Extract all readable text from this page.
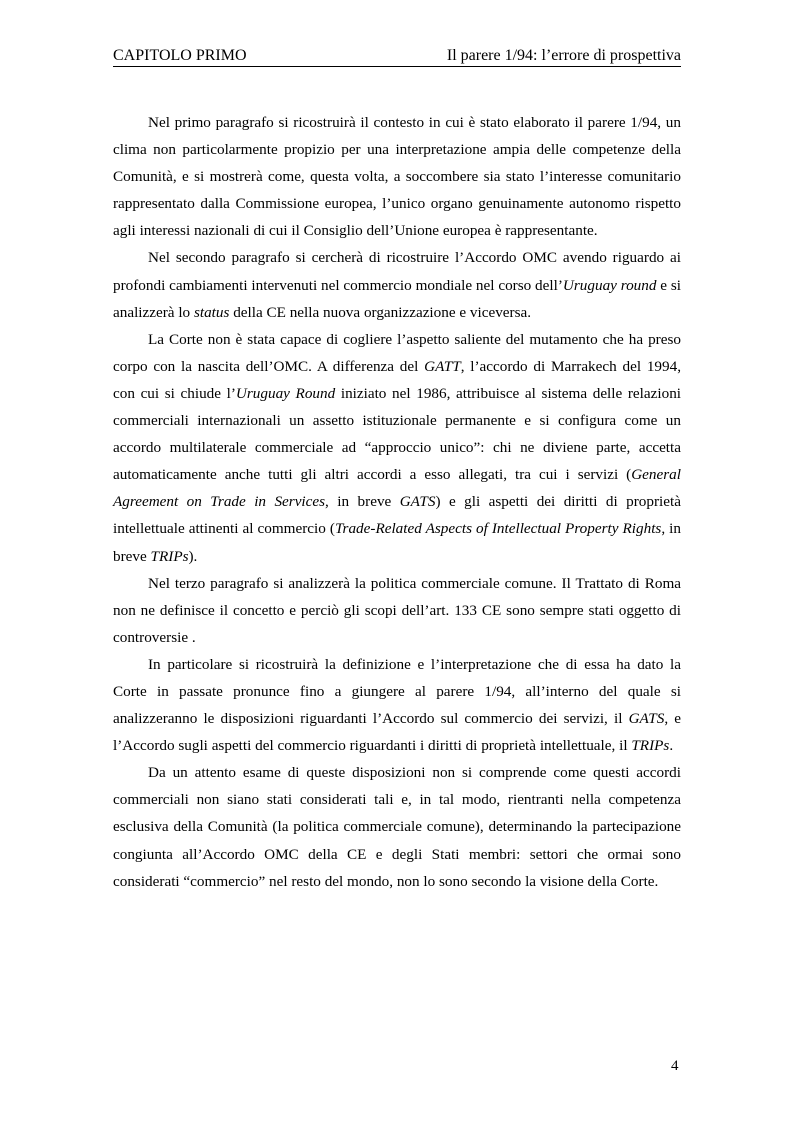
CAPITOLO PRIMO	Il parere 1/94: l’errore di prospettiva

Nel primo paragrafo si ricostruirà il contesto in cui è stato elaborato il parere 1/94, un clima non particolarmente propizio per una interpretazione ampia delle competenze della Comunità, e si mostrerà come, questa volta, a soccombere sia stato l’interesse comunitario rappresentato dalla Commissione europea, l’unico organo genuinamente autonomo rispetto agli interessi nazionali di cui il Consiglio dell’Unione europea è rappresentante.

Nel secondo paragrafo si cercherà di ricostruire l’Accordo OMC avendo riguardo ai profondi cambiamenti intervenuti nel commercio mondiale nel corso dell’Uruguay round e si analizzerà lo status della CE nella nuova organizzazione e viceversa.

La Corte non è stata capace di cogliere l’aspetto saliente del mutamento che ha preso corpo con la nascita dell’OMC. A differenza del GATT, l’accordo di Marrakech del 1994, con cui si chiude l’Uruguay Round iniziato nel 1986, attribuisce al sistema delle relazioni commerciali internazionali un assetto istituzionale permanente e si configura come un accordo multilaterale commerciale ad “approccio unico”: chi ne diviene parte, accetta automaticamente anche tutti gli altri accordi a esso allegati, tra cui i servizi (General Agreement on Trade in Services, in breve GATS) e gli aspetti dei diritti di proprietà intellettuale attinenti al commercio (Trade-Related Aspects of Intellectual Property Rights, in breve TRIPs).

Nel terzo paragrafo si analizzerà la politica commerciale comune. Il Trattato di Roma non ne definisce il concetto e perciò gli scopi dell’art. 133 CE sono sempre stati oggetto di controversie .

In particolare si ricostruirà la definizione e l’interpretazione che di essa ha dato la Corte in passate pronunce fino a giungere al parere 1/94, all’interno del quale si analizzeranno le disposizioni riguardanti l’Accordo sul commercio dei servizi, il GATS, e l’Accordo sugli aspetti del commercio riguardanti i diritti di proprietà intellettuale, il TRIPs.

Da un attento esame di queste disposizioni non si comprende come questi accordi commerciali non siano stati considerati tali e, in tal modo, rientranti nella competenza esclusiva della Comunità (la politica commerciale comune), determinando la partecipazione congiunta all’Accordo OMC della CE e degli Stati membri: settori che ormai sono considerati “commercio” nel resto del mondo, non lo sono secondo la visione della Corte.

4
